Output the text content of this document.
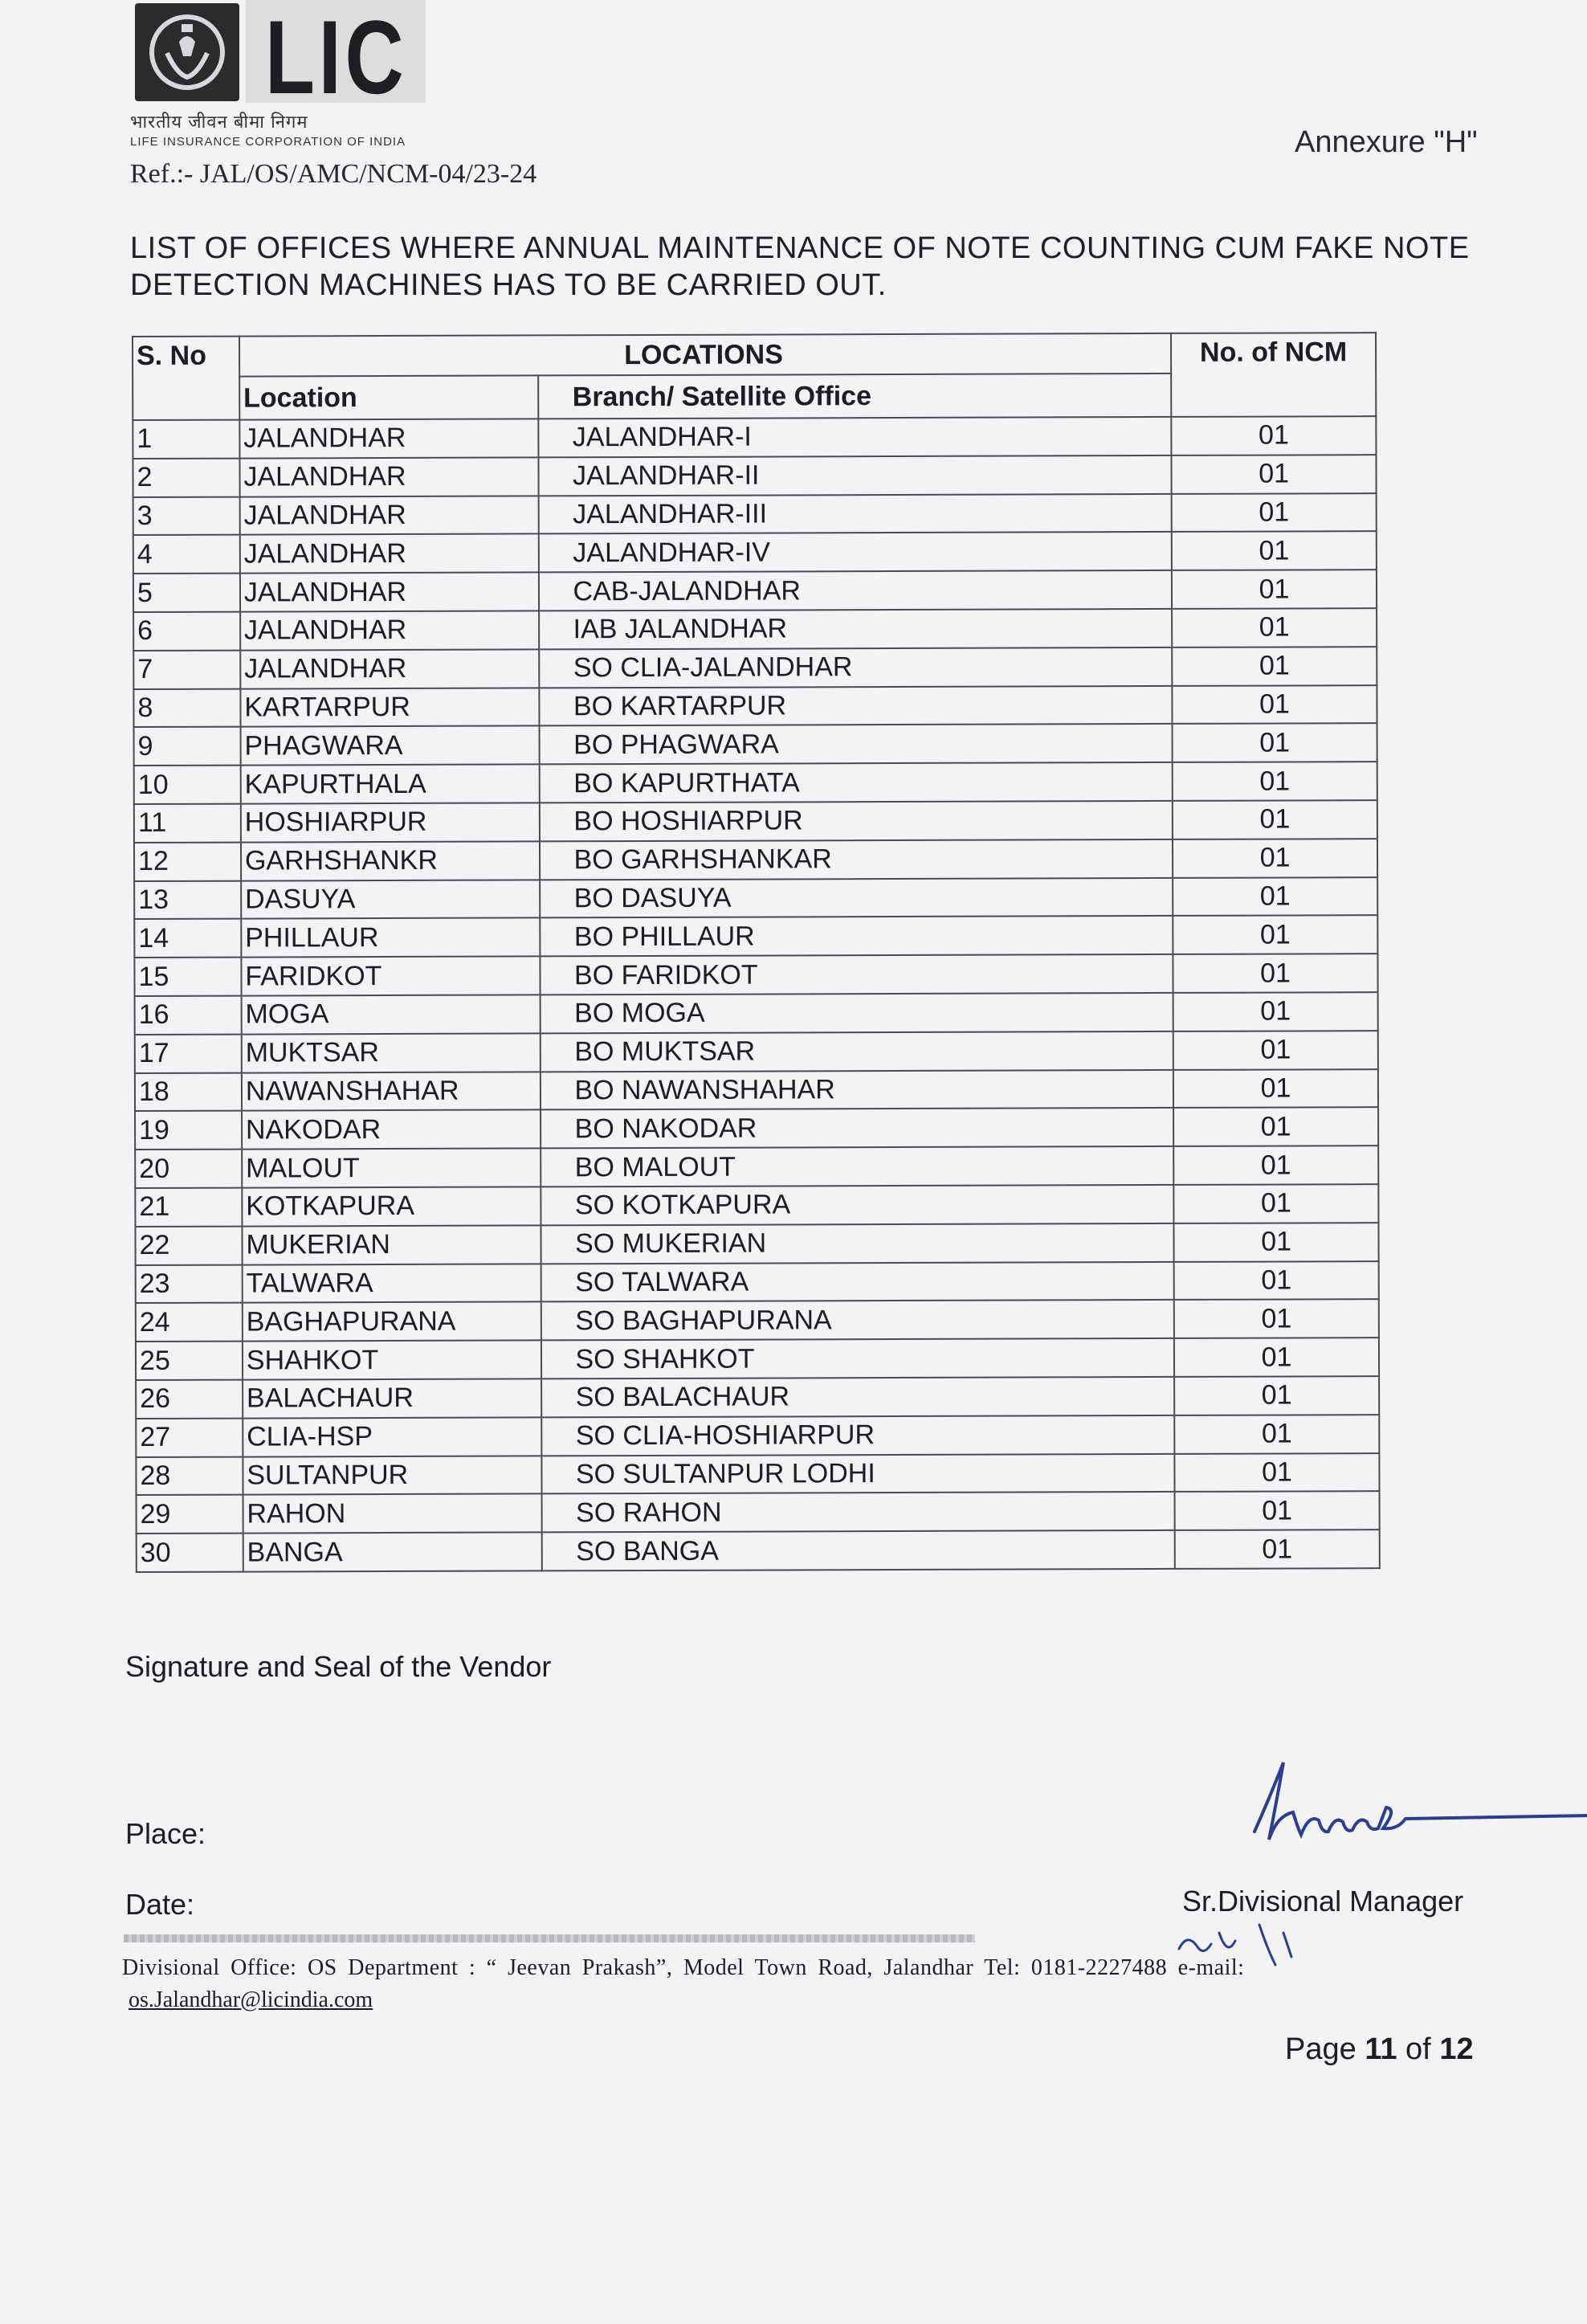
LIC
भारतीय जीवन बीमा निगम
LIFE INSURANCE CORPORATION OF INDIA
Ref.:- JAL/OS/AMC/NCM-04/23-24
Annexure "H"
LIST OF OFFICES WHERE ANNUAL MAINTENANCE OF NOTE COUNTING CUM FAKE NOTE DETECTION MACHINES HAS TO BE CARRIED OUT.
S. No	LOCATIONS		No. of NCM
	Location	Branch/ Satellite Office	
1	JALANDHAR	JALANDHAR-I	01
2	JALANDHAR	JALANDHAR-II	01
3	JALANDHAR	JALANDHAR-III	01
4	JALANDHAR	JALANDHAR-IV	01
5	JALANDHAR	CAB-JALANDHAR	01
6	JALANDHAR	IAB JALANDHAR	01
7	JALANDHAR	SO CLIA-JALANDHAR	01
8	KARTARPUR	BO KARTARPUR	01
9	PHAGWARA	BO PHAGWARA	01
10	KAPURTHALA	BO KAPURTHATA	01
11	HOSHIARPUR	BO HOSHIARPUR	01
12	GARHSHANKR	BO GARHSHANKAR	01
13	DASUYA	BO DASUYA	01
14	PHILLAUR	BO PHILLAUR	01
15	FARIDKOT	BO FARIDKOT	01
16	MOGA	BO MOGA	01
17	MUKTSAR	BO MUKTSAR	01
18	NAWANSHAHAR	BO NAWANSHAHAR	01
19	NAKODAR	BO NAKODAR	01
20	MALOUT	BO MALOUT	01
21	KOTKAPURA	SO KOTKAPURA	01
22	MUKERIAN	SO MUKERIAN	01
23	TALWARA	SO TALWARA	01
24	BAGHAPURANA	SO BAGHAPURANA	01
25	SHAHKOT	SO SHAHKOT	01
26	BALACHAUR	SO BALACHAUR	01
27	CLIA-HSP	SO CLIA-HOSHIARPUR	01
28	SULTANPUR	SO SULTANPUR LODHI	01
29	RAHON	SO RAHON	01
30	BANGA	SO BANGA	01
Signature and Seal of the Vendor
Place:
Date:	Sr.Divisional Manager
Divisional Office: OS Department : “ Jeevan Prakash”, Model Town Road, Jalandhar Tel: 0181-2227488 e-mail:
os.Jalandhar@licindia.com
Page 11 of 12
